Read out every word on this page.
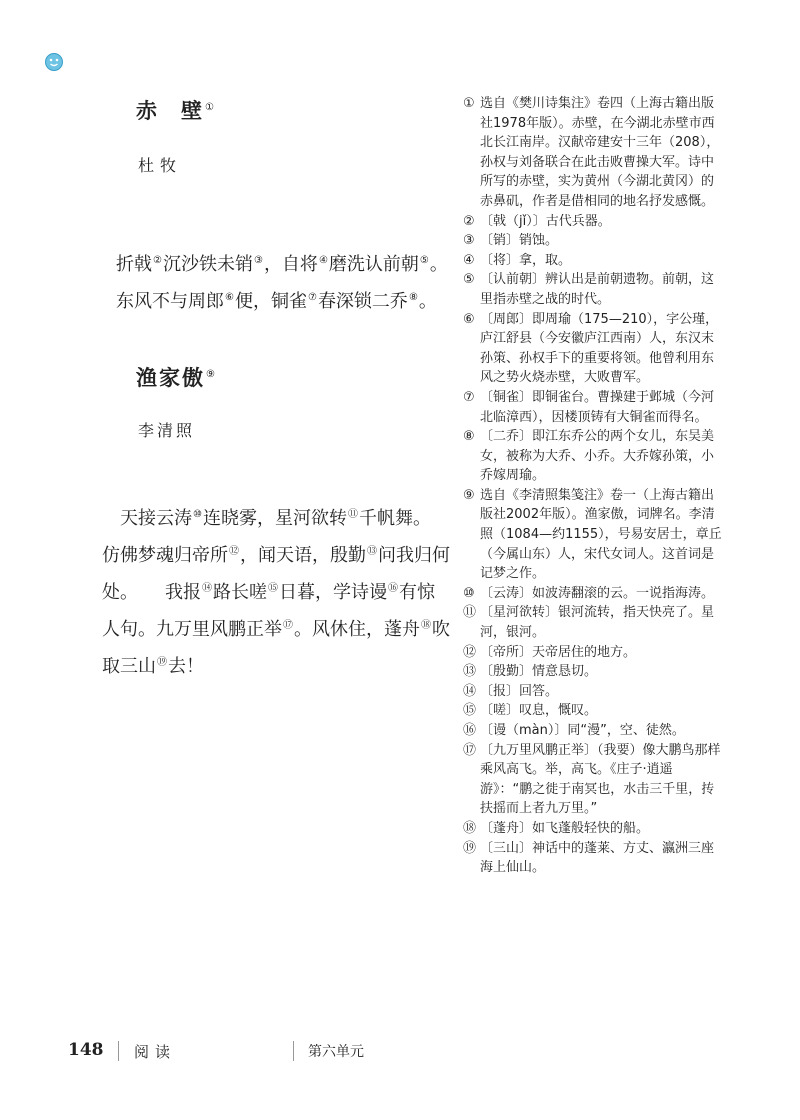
赤 壁①
杜牧
折戟②沉沙铁未销③，自将④磨洗认前朝⑤。
东风不与周郎⑥便，铜雀⑦春深锁二乔⑧。
渔家傲⑨
李清照
　天接云涛⑩连晓雾，星河欲转⑪千帆舞。
仿佛梦魂归帝所⑫，闻天语，殷勤⑬问我归何
处。　　我报⑭路长嗟⑮日暮，学诗谩⑯有惊
人句。九万里风鹏正举⑰。风休住，蓬舟⑱吹
取三山⑲去！
① 选自《樊川诗集注》卷四（上海古籍出版社1978年版）。赤壁，在今湖北赤壁市西北长江南岸。汉献帝建安十三年（208），孙权与刘备联合在此击败曹操大军。诗中所写的赤壁，实为黄州（今湖北黄冈）的赤鼻矶，作者是借相同的地名抒发感慨。
② 〔戟（jǐ）〕古代兵器。
③ 〔销〕销蚀。
④ 〔将〕拿，取。
⑤ 〔认前朝〕辨认出是前朝遗物。前朝，这里指赤壁之战的时代。
⑥ 〔周郎〕即周瑜（175—210），字公瑾，庐江舒县（今安徽庐江西南）人，东汉末孙策、孙权手下的重要将领。他曾利用东风之势火烧赤壁，大败曹军。
⑦ 〔铜雀〕即铜雀台。曹操建于邺城（今河北临漳西），因楼顶铸有大铜雀而得名。
⑧ 〔二乔〕即江东乔公的两个女儿，东吴美女，被称为大乔、小乔。大乔嫁孙策，小乔嫁周瑜。
⑨ 选自《李清照集笺注》卷一（上海古籍出版社2002年版）。渔家傲，词牌名。李清照（1084—约1155），号易安居士，章丘（今属山东）人，宋代女词人。这首词是记梦之作。
⑩ 〔云涛〕如波涛翻滚的云。一说指海涛。
⑪ 〔星河欲转〕银河流转，指天快亮了。星河，银河。
⑫ 〔帝所〕天帝居住的地方。
⑬ 〔殷勤〕情意恳切。
⑭ 〔报〕回答。
⑮ 〔嗟〕叹息，慨叹。
⑯ 〔谩（màn）〕同“漫”，空、徒然。
⑰ 〔九万里风鹏正举〕（我要）像大鹏鸟那样乘风高飞。举，高飞。《庄子·逍遥游》：“鹏之徙于南冥也，水击三千里，抟扶摇而上者九万里。”
⑱ 〔蓬舟〕如飞蓬般轻快的船。
⑲ 〔三山〕神话中的蓬莱、方丈、瀛洲三座海上仙山。
148 阅读	第六单元
